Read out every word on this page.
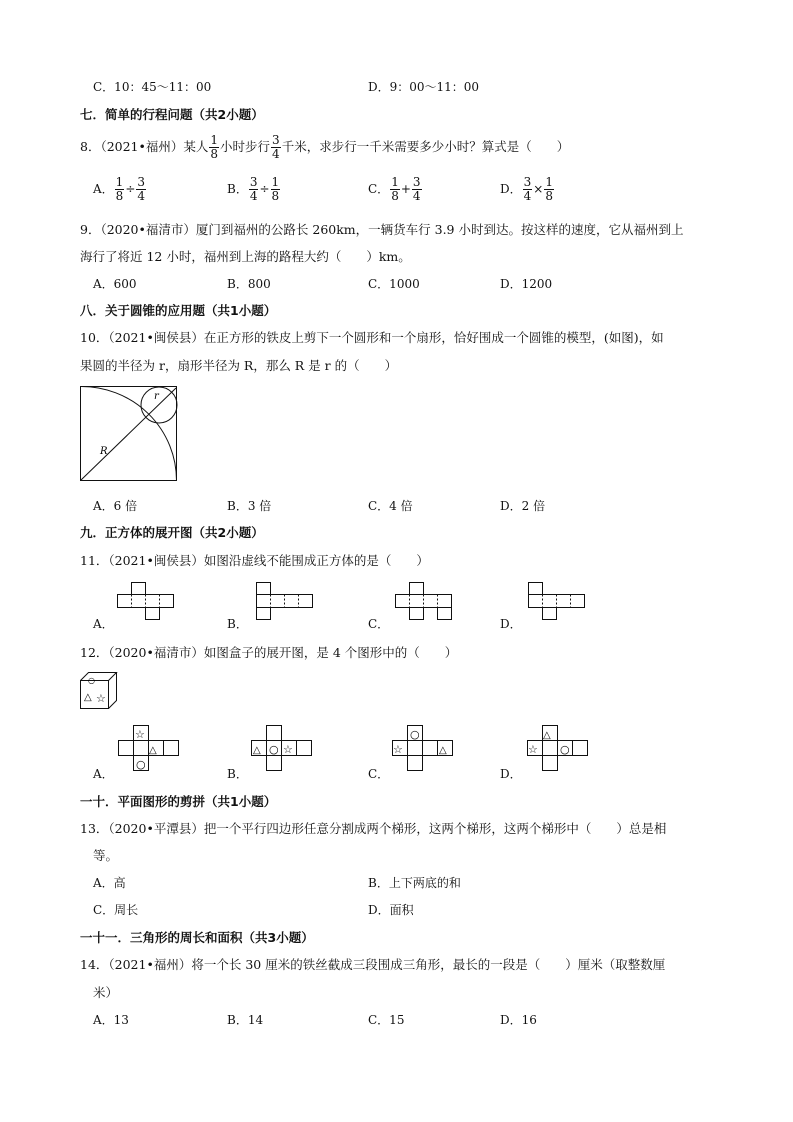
C．10：45～11：00	D．9：00～11：00
七．简单的行程问题（共2小题）
8．（2021•福州）某人 $\frac{1}{8}$ 小时步行 $\frac{3}{4}$ 千米，求步行一千米需要多少小时？算式是（　　）
A． $\frac{1}{8} \div \frac{3}{4}$	B． $\frac{3}{4} \div \frac{1}{8}$	C． $\frac{1}{8} + \frac{3}{4}$	D． $\frac{3}{4} \times \frac{1}{8}$
9．（2020•福清市）厦门到福州的公路长 260km，一辆货车行 3.9 小时到达。按这样的速度，它从福州到上
海行了将近 12 小时，福州到上海的路程大约（　　）km。
A．600	B．800	C．1000	D．1200
八．关于圆锥的应用题（共1小题）
10．（2021•闽侯县）在正方形的铁皮上剪下一个圆形和一个扇形，恰好围成一个圆锥的模型，(如图)，如
果圆的半径为 r，扇形半径为 R，那么 R 是 r 的（　　）
r
R
A．6 倍	B．3 倍	C．4 倍	D．2 倍
九．正方体的展开图（共2小题）
11．（2021•闽侯县）如图沿虚线不能围成正方体的是（　　）
A．	B．	C．	D．
12．（2020•福清市）如图盒子的展开图，是 4 个图形中的（　　）
○
△ ☆
A．
☆
△
○
B．
△ ○ ☆
C．
○
☆	△
D．
△
☆ ○
一十．平面图形的剪拼（共1小题）
13．（2020•平潭县）把一个平行四边形任意分割成两个梯形，这两个梯形，这两个梯形中（　　）总是相
等。
A．高	B．上下两底的和
C．周长	D．面积
一十一．三角形的周长和面积（共3小题）
14．（2021•福州）将一个长 30 厘米的铁丝截成三段围成三角形，最长的一段是（　　）厘米（取整数厘
米）
A．13	B．14	C．15	D．16
